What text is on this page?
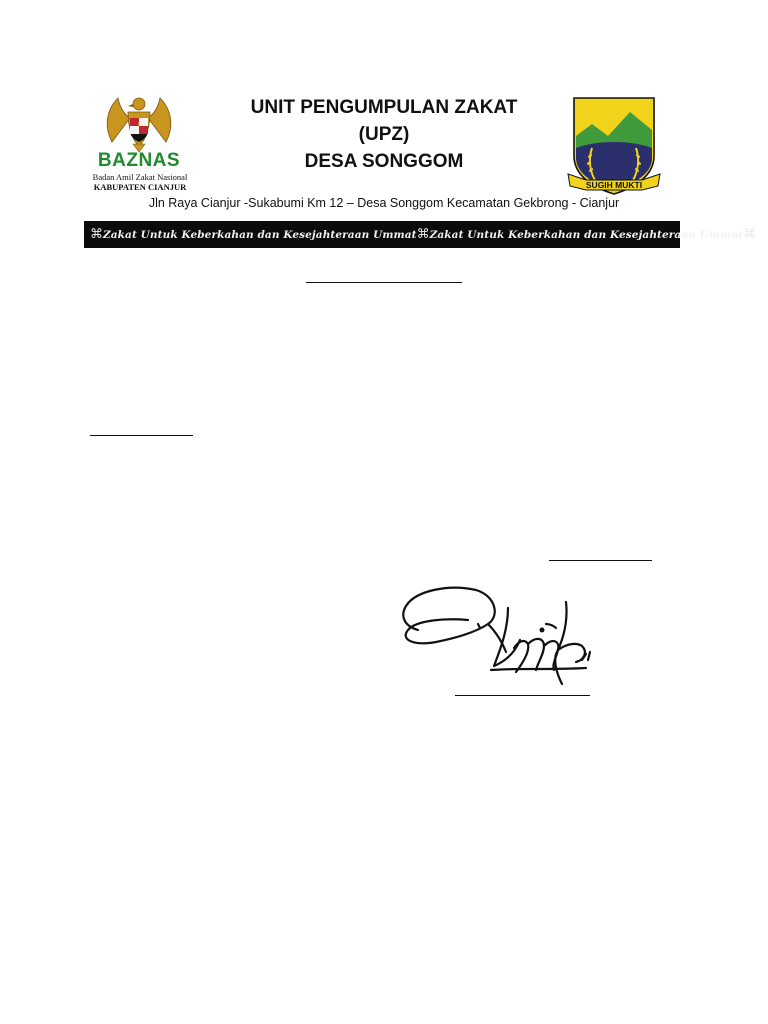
BAZNAS
Badan Amil Zakat Nasional
KABUPATEN CIANJUR
UNIT PENGUMPULAN ZAKAT
(UPZ)
DESA SONGGOM
SUGIH MUKTI
Jln Raya Cianjur -Sukabumi Km 12 – Desa Songgom Kecamatan Gekbrong - Cianjur
⌘ Zakat Untuk Keberkahan dan Kesejahteraan Ummat ⌘ Zakat Untuk Keberkahan dan Kesejahteraan Ummat ⌘
